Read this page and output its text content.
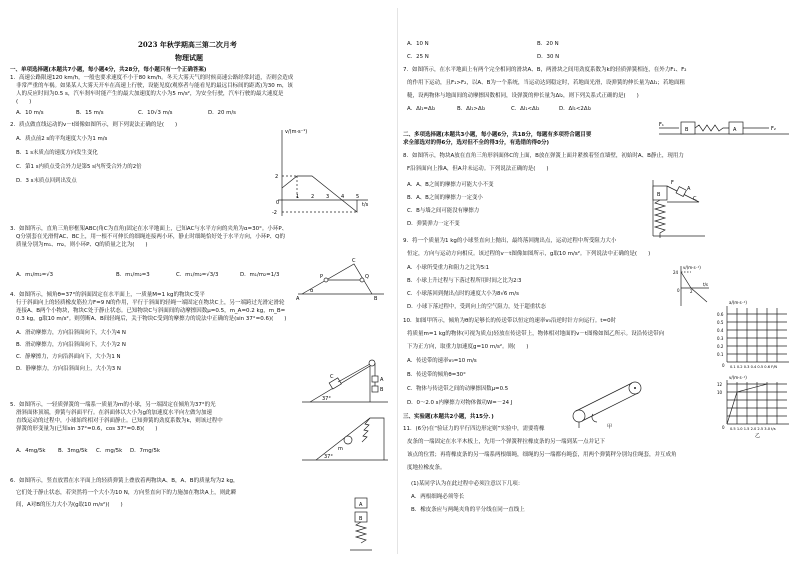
2023 年秋学期高三第二次月考
物理试题
一、单项选择题(本题共7小题，每小题4分，共28分，每小题只有一个正确答案)
1．高速公路限速120 km/h，一般也要求速度不小于80 km/h。冬天大雾天气的时候高速公路经常封道，否则会造成
非常严重的车祸。如果某人大雾天开车在高速上行驶，设能见度(观察者与能看见的最远目标间的距离)为30 m，该
人的反应时间为0.5 s，汽车刹车时能产生的最大加速度的大小为5 m/s²，为安全行驶，汽车行驶的最大速度是
(　　)
A．10 m/s	B．15 m/s	C．10√3 m/s	D．20 m/s
2．质点做直线运动的v－t图像如图所示，则下列说法正确的是(　　)
A．质点前2 s的平均速度大小为1 m/s
B．1 s末质点的速度方向发生变化
C．第1 s内质点受合外力是第5 s内所受合外力的2倍
D．3 s末质点回到出发点
v/(m·s⁻¹)
t/s
1 2 3 4 5
2
-2
0
3．如图所示，直角三角形框架ABC(角C为直角)固定在水平地面上，已知AC与水平方向的夹角为α=30°。小环P、
Q分别套在光滑臂AC、BC上，用一根不可伸长的细绳连接两小环，静止时细绳恰好处于水平方向，小环P、Q的
质量分别为m₁、m₂，则小环P、Q的质量之比为(　　)
A．m₁/m₂=√3	B．m₁/m₂=3	C．m₁/m₂=√3/3	D．m₁/m₂=1/3
A	B
C
P	Q
α
4．如图所示，倾角θ=37°的斜面固定在水平面上，一质量M=1 kg的物块C受平
行于斜面向上的轻质橡皮筋拉力F=9 N的作用，平行于斜面的轻绳一端固定在物块C上，另一端跨过光滑定滑轮
连接A、B两个小物块，物块C处于静止状态。已知物块C与斜面间的动摩擦因数μ=0.5，m_A=0.2 kg，m_B=
0.3 kg，g取10 m/s²。则剪断A、B间轻绳后，关于物块C受到的摩擦力的说法中正确的是(sin 37°=0.6)(　　)
A．滑动摩擦力，方向沿斜面向下，大小为4 N
B．滑动摩擦力，方向沿斜面向下，大小为2 N
C．静摩擦力，方向沿斜面向下，大小为1 N
D．静摩擦力，方向沿斜面向上，大小为3 N
A
B
C
37°
5．如图所示，一轻质弹簧的一端系一质量为m的小球，另一端固定在倾角为37°的光
滑斜面体顶端，弹簧与斜面平行。在斜面体以大小为g的加速度水平向左做匀加速
直线运动的过程中，小球始终相对于斜面静止。已知弹簧的劲度系数为k，则该过程中
弹簧的形变量为(已知sin 37°=0.6，cos 37°=0.8)(　　)
A．4mg/5k B．3mg/5k C．mg/5k D．7mg/5k	m
37°
6．如图所示，竖直放置在水平面上的轻质弹簧上叠放着两物块A、B，A、B的质量均为2 kg，
它们处于静止状态，若突然将一个大小为10 N，方向竖直向下的力施加在物块A上，则此瞬
间，A对B的压力大小为(g取10 m/s²)(　　)	A
B
A．10 N	B．20 N
C．25 N	D．30 N
7．如图所示，在水平地面上有两个完全相同的滑块A、B，两滑块之间用劲度系数为k的轻质弹簧相连，在外力F₁、F₂
的作用下运动，且F₁>F₂，以A、B为一个系统，当运动达到稳定时，若地面光滑，设弹簧的伸长量为Δl₁；若地面粗
糙，设两物体与地面间的动摩擦因数相同，设弹簧的伸长量为Δl₂，则下列关系式正确的是(　　)
A．Δl₁=Δl₂	B．Δl₁>Δl₂	C．Δl₁<Δl₂	D．Δl₁<2Δl₂
F₁
B	A	F₂
二、多项选择题(本题共3小题，每小题6分，共18分，每题有多项符合题目要
求全部选对的得6分，选对但不全的得3分，有选错的得0分)
8．如图所示，物块A放在直角三角形斜面体C的上面，B放在弹簧上面并紧挨着竖直墙壁，初始时A、B静止，现用力
F沿斜面向上推A，但A并未运动。下列说法正确的是(　　)
A．A、B之间的摩擦力可能大小不变
B．A、B之间的摩擦力一定变小
C．B与墙之间可能没有摩擦力
D．弹簧弹力一定不变
F
A
B
C
9．将一个质量为1 kg的小球竖直向上抛出，最终落回抛出点，运动过程中所受阻力大小
恒定，方向与运动方向相反。该过程的v－t图像如图所示，g取10 m/s²。下列说法中正确的是(　　)
A．小球所受重力和阻力之比为5∶1
B．小球上升过程与下落过程所用时间之比为2∶3
C．小球落回到抛出点时的速度大小为8√6 m/s
D．小球下落过程中，受到向上的空气阻力，处于超重状态
v/(m·s⁻¹)
t/s
24
0	2
10．如图甲所示，倾角为θ的足够长的传送带以恒定的速率v₀沿逆时针方向运行。t=0时
将质量m=1 kg的物体(可视为质点)轻放在传送带上，物体相对地面的v－t图像如图乙所示。设沿传送带向
下为正方向，取重力加速度g=10 m/s²。则(　　)
A．传送带的速率v₀=10 m/s
B．传送带的倾角θ=30°
C．物体与传送带之间的动摩擦因数μ=0.5
D．0～2.0 s内摩擦力对物体做功W=－24 J
a/(m·s⁻²)
0.6
0.5
0.4
0.3
0.2
0.1
0 0.1 0.2 0.3 0.4 0.5 0.6 F/N
甲
v/(m·s⁻¹)
12
10
0 0.5 1.0 1.5 2.0 2.5 3.0 t/s
乙
三、实验题(本题共2小题，共15分．)
11．(6分)在“验证力的平行四边形定则”实验中，需要将橡
皮条的一端固定在水平木板上，先用一个弹簧秤拉橡皮条的另一端到某一点并记下
该点的位置；再将橡皮条的另一端系两根细绳，细绳的另一端都有绳套，用两个弹簧秤分别勾住绳套，并互成角
度地拉橡皮条。
(1)某同学认为在此过程中必须注意以下几项：
A．两根细绳必须等长
B．橡皮条应与两绳夹角的平分线在同一直线上
